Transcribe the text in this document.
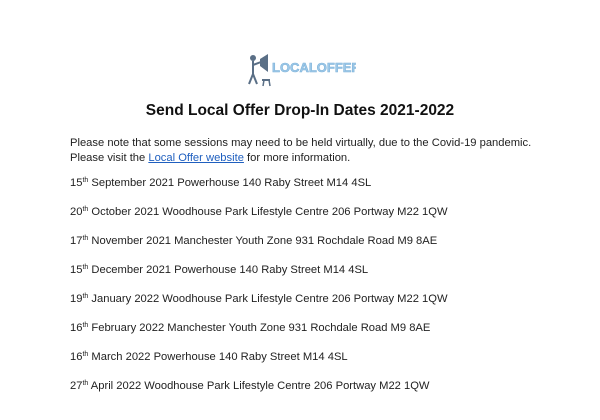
LOCALOFFER
Send Local Offer Drop-In Dates 2021-2022
Please note that some sessions may need to be held virtually, due to the Covid-19 pandemic.
Please visit the Local Offer website for more information.
15th September 2021 Powerhouse 140 Raby Street M14 4SL
20th October 2021 Woodhouse Park Lifestyle Centre 206 Portway M22 1QW
17th November 2021 Manchester Youth Zone 931 Rochdale Road M9 8AE
15th December 2021 Powerhouse 140 Raby Street M14 4SL
19th January 2022 Woodhouse Park Lifestyle Centre 206 Portway M22 1QW
16th February 2022 Manchester Youth Zone 931 Rochdale Road M9 8AE
16th March 2022 Powerhouse 140 Raby Street M14 4SL
27th April 2022 Woodhouse Park Lifestyle Centre 206 Portway M22 1QW
